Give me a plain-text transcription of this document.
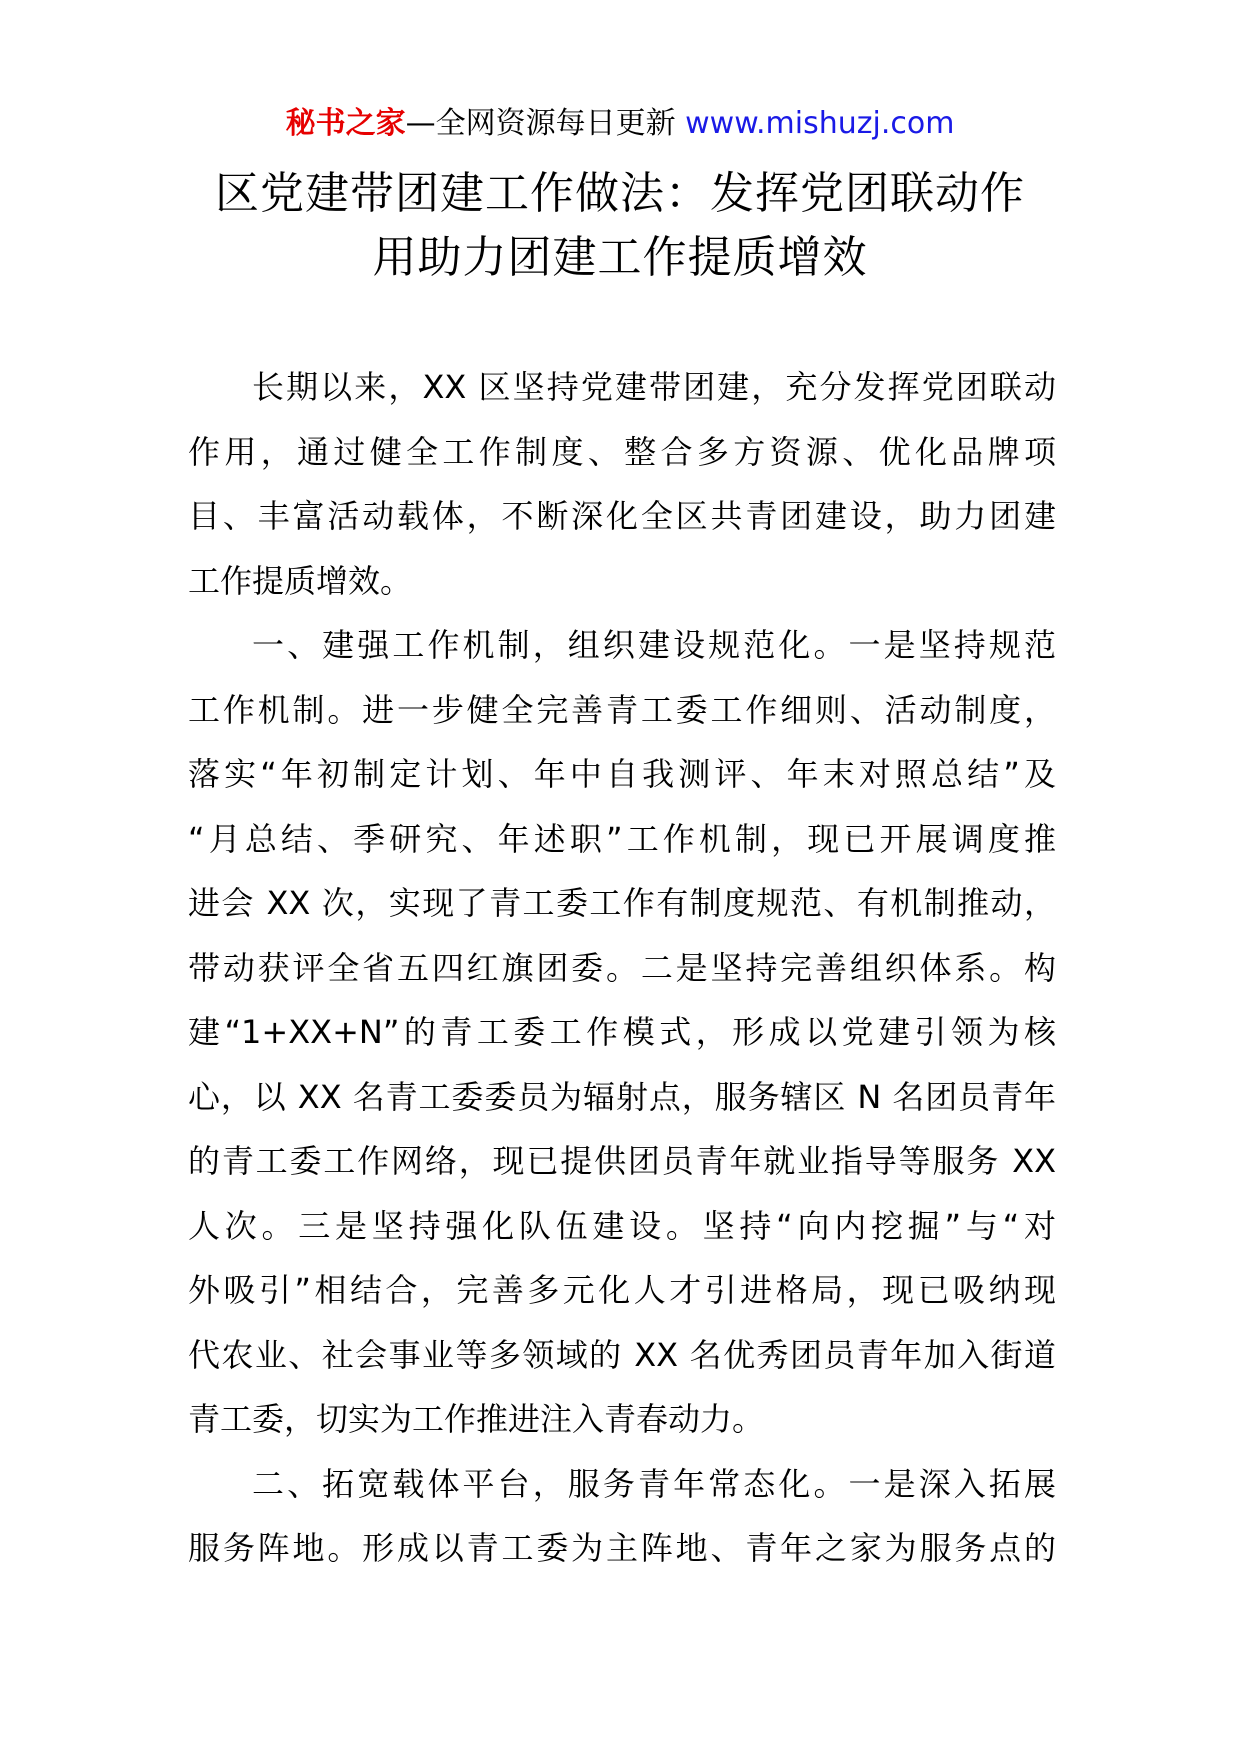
秘书之家—全网资源每日更新 www.mishuzj.com
区党建带团建工作做法：发挥党团联动作
用助力团建工作提质增效
长期以来，XX 区坚持党建带团建，充分发挥党团联动
作用，通过健全工作制度、整合多方资源、优化品牌项
目、丰富活动载体，不断深化全区共青团建设，助力团建
工作提质增效。
一、建强工作机制，组织建设规范化。一是坚持规范
工作机制。进一步健全完善青工委工作细则、活动制度，
落实“年初制定计划、年中自我测评、年末对照总结”及
“月总结、季研究、年述职”工作机制，现已开展调度推
进会 XX 次，实现了青工委工作有制度规范、有机制推动，
带动获评全省五四红旗团委。二是坚持完善组织体系。构
建“1+XX+N”的青工委工作模式，形成以党建引领为核
心，以 XX 名青工委委员为辐射点，服务辖区 N 名团员青年
的青工委工作网络，现已提供团员青年就业指导等服务 XX
人次。三是坚持强化队伍建设。坚持“向内挖掘”与“对
外吸引”相结合，完善多元化人才引进格局，现已吸纳现
代农业、社会事业等多领域的 XX 名优秀团员青年加入街道
青工委，切实为工作推进注入青春动力。
二、拓宽载体平台，服务青年常态化。一是深入拓展
服务阵地。形成以青工委为主阵地、青年之家为服务点的
